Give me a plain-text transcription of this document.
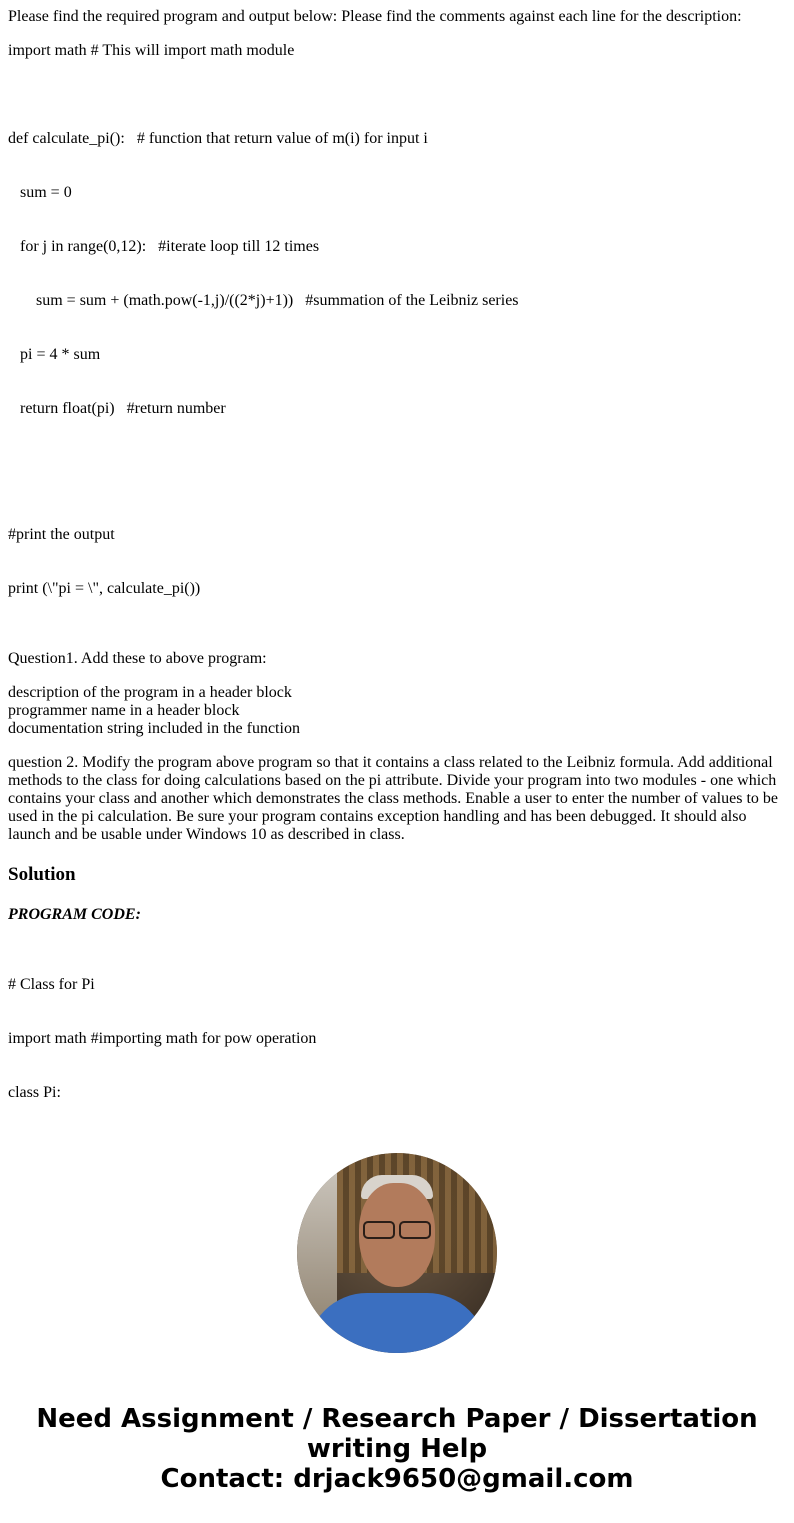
Please find the required program and output below: Please find the comments against each line for the description:

import math # This will import math module

def calculate_pi():   # function that return value of m(i) for input i

sum = 0

for j in range(0,12):   #iterate loop till 12 times

sum = sum + (math.pow(-1,j)/((2*j)+1))   #summation of the Leibniz series

pi = 4 * sum

return float(pi)   #return number

#print the output

print (\"pi = \", calculate_pi())

Question1. Add these to above program:

description of the program in a header block
programmer name in a header block
documentation string included in the function

question 2. Modify the program above program so that it contains a class related to the Leibniz formula. Add additional methods to the class for doing calculations based on the pi attribute. Divide your program into two modules - one which contains your class and another which demonstrates the class methods. Enable a user to enter the number of values to be used in the pi calculation. Be sure your program contains exception handling and has been debugged. It should also launch and be usable under Windows 10 as described in class.

Solution

PROGRAM CODE:

# Class for Pi

import math #importing math for pow operation

class Pi:

Need Assignment / Research Paper / Dissertation
writing Help
Contact: drjack9650@gmail.com
